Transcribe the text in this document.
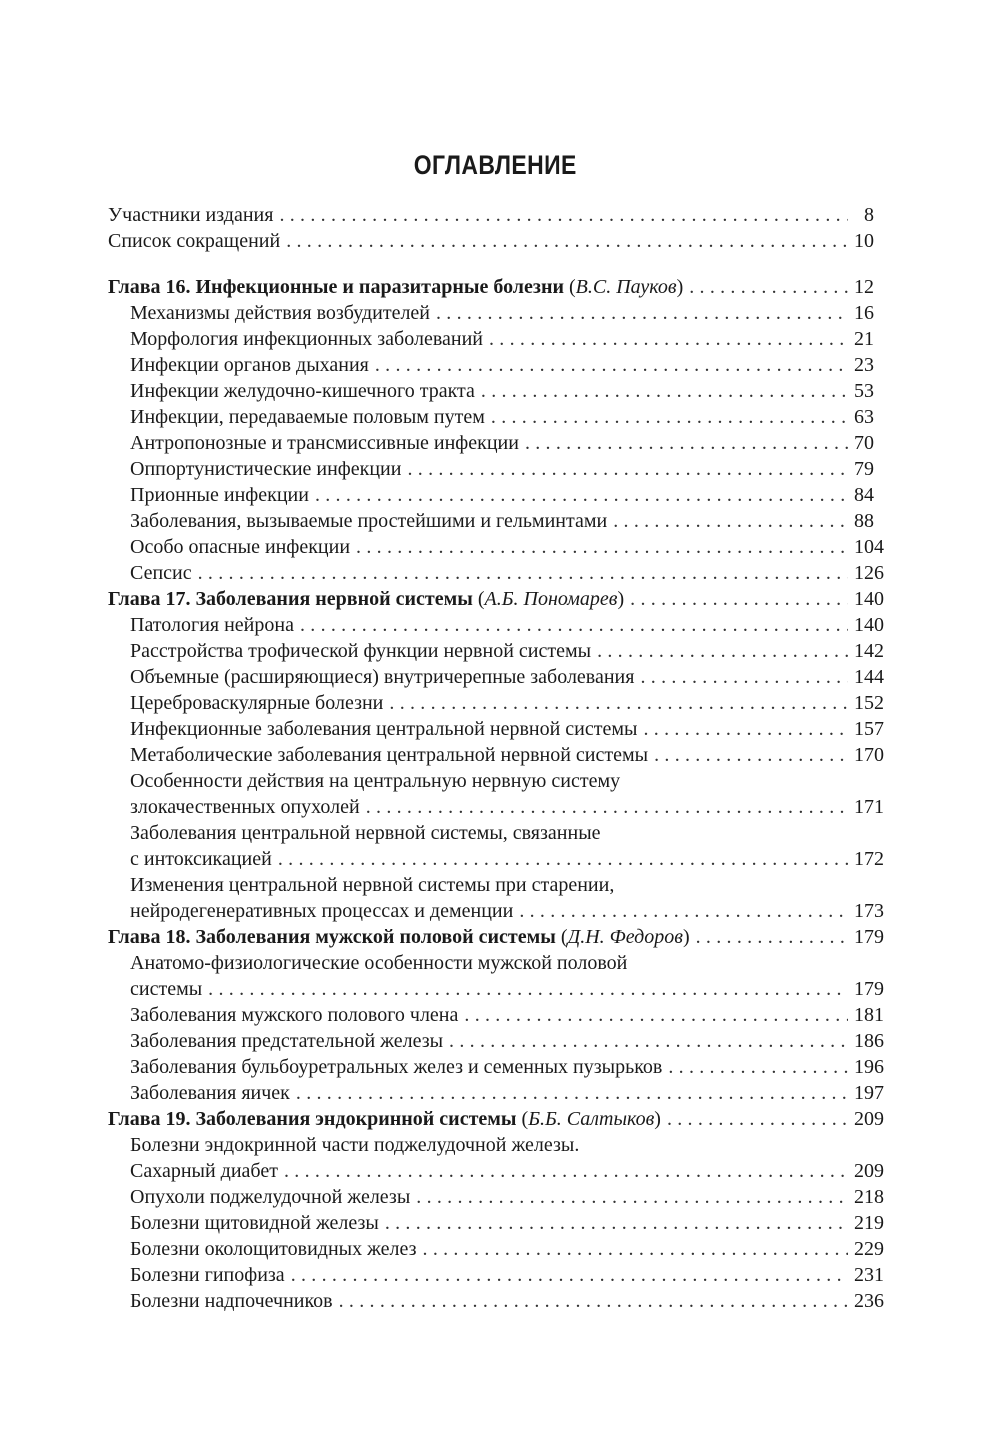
ОГЛАВЛЕНИЕ
Участники издания .....	8
Список сокращений .....	10
Глава 16. Инфекционные и паразитарные болезни (В.С. Пауков) .....	12
Механизмы действия возбудителей .....	16
Морфология инфекционных заболеваний .....	21
Инфекции органов дыхания .....	23
Инфекции желудочно-кишечного тракта .....	53
Инфекции, передаваемые половым путем .....	63
Антропонозные и трансмиссивные инфекции .....	70
Оппортунистические инфекции .....	79
Прионные инфекции .....	84
Заболевания, вызываемые простейшими и гельминтами .....	88
Особо опасные инфекции .....	104
Сепсис .....	126
Глава 17. Заболевания нервной системы (А.Б. Пономарев) .....	140
Патология нейрона .....	140
Расстройства трофической функции нервной системы .....	142
Объемные (расширяющиеся) внутричерепные заболевания .....	144
Цереброваскулярные болезни .....	152
Инфекционные заболевания центральной нервной системы .....	157
Метаболические заболевания центральной нервной системы .....	170
Особенности действия на центральную нервную систему
злокачественных опухолей .....	171
Заболевания центральной нервной системы, связанные
с интоксикацией .....	172
Изменения центральной нервной системы при старении,
нейродегенеративных процессах и деменции .....	173
Глава 18. Заболевания мужской половой системы (Д.Н. Федоров) .....	179
Анатомо-физиологические особенности мужской половой
системы .....	179
Заболевания мужского полового члена .....	181
Заболевания предстательной железы .....	186
Заболевания бульбоуретральных желез и семенных пузырьков .....	196
Заболевания яичек .....	197
Глава 19. Заболевания эндокринной системы (Б.Б. Салтыков) .....	209
Болезни эндокринной части поджелудочной железы.
Сахарный диабет .....	209
Опухоли поджелудочной железы .....	218
Болезни щитовидной железы .....	219
Болезни околощитовидных желез .....	229
Болезни гипофиза .....	231
Болезни надпочечников .....	236
